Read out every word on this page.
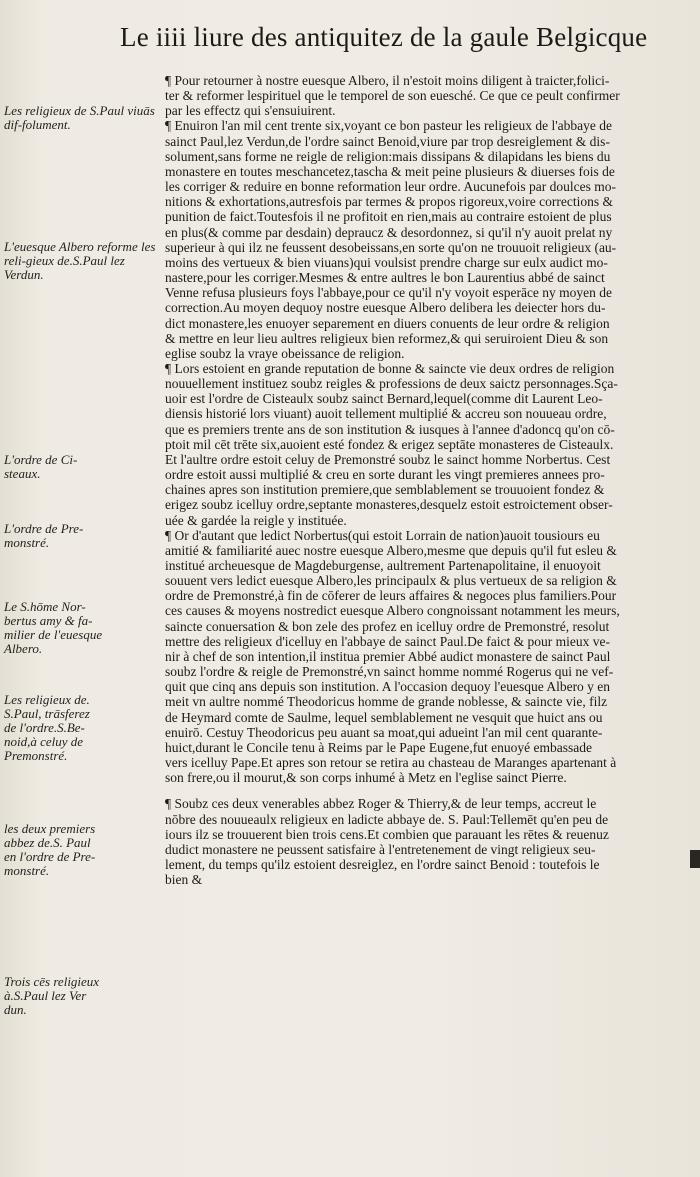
Le iiii liure des antiquitez de la gaule Belgicque
Les religieux de S.Paul viuās dif-folument.
L'euesque Albero reforme les reli-gieux de.S.Paul lez Verdun.
L'ordre de Ci-steaux.
L'ordre de Pre-monstré.
Le S.hōme Nor-bertus amy & fa-milier de l'euesque Albero.
Les religieux de. S.Paul, trāsferez de l'ordre.S.Be-noid,à celuy de Premonstré.
les deux premiers abbez de.S. Paul en l'ordre de Pre-monstré.
Trois cēs religieux à.S.Paul lez Ver dun.

¶ Pour retourner à nostre euesque Albero, il n'estoit moins diligent à traicter,folici-

ter & reformer lespirituel que le temporel de son euesché. Ce que ce peult confirmer

par les effectz qui s'ensuiuirent.

¶ Enuiron l'an mil cent trente six,voyant ce bon pasteur les religieux de l'abbaye de

sainct Paul,lez Verdun,de l'ordre sainct Benoid,viure par trop desreiglement & dis-

solument,sans forme ne reigle de religion:mais dissipans & dilapidans les biens du

monastere en toutes meschancetez,tascha & meit peine plusieurs & diuerses fois de

les corriger & reduire en bonne reformation leur ordre. Aucunefois par doulces mo-

nitions & exhortations,autresfois par termes & propos rigoreux,voire corrections &

punition de faict.Toutesfois il ne profitoit en rien,mais au contraire estoient de plus

en plus(& comme par desdain) depraucz & desordonnez, si qu'il n'y auoit prelat ny

superieur à qui ilz ne feussent desobeissans,en sorte qu'on ne trouuoit religieux (au-

moins des vertueux & bien viuans)qui voulsist prendre charge sur eulx audict mo-

nastere,pour les corriger.Mesmes & entre aultres le bon Laurentius abbé de sainct

Venne refusa plusieurs foys l'abbaye,pour ce qu'il n'y voyoit esperāce ny moyen de

correction.Au moyen dequoy nostre euesque Albero delibera les deiecter hors du-

dict monastere,les enuoyer separement en diuers conuents de leur ordre & religion

& mettre en leur lieu aultres religieux bien reformez,& qui seruiroient Dieu & son

eglise soubz la vraye obeissance de religion.

¶ Lors estoient en grande reputation de bonne & saincte vie deux ordres de religion

nouuellement instituez soubz reigles & professions de deux saictz personnages.Sça-

uoir est l'ordre de Cisteaulx soubz sainct Bernard,lequel(comme dit Laurent Leo-

diensis historié lors viuant) auoit tellement multiplié & accreu son nouueau ordre,

que es premiers trente ans de son institution & iusques à l'annee d'adoncq qu'on cō-

ptoit mil cēt trēte six,auoient esté fondez & erigez septāte monasteres de Cisteaulx.

Et l'aultre ordre estoit celuy de Premonstré soubz le sainct homme Norbertus. Cest

ordre estoit aussi multiplié & creu en sorte durant les vingt premieres annees pro-

chaines apres son institution premiere,que semblablement se trouuoient fondez &

erigez soubz icelluy ordre,septante monasteres,desquelz estoit estroictement obser-

uée & gardée la reigle y instituée.

¶ Or d'autant que ledict Norbertus(qui estoit Lorrain de nation)auoit tousiours eu

amitié & familiarité auec nostre euesque Albero,mesme que depuis qu'il fut esleu &

institué archeuesque de Magdeburgense, aultrement Partenapolitaine, il enuoyoit

souuent vers ledict euesque Albero,les principaulx & plus vertueux de sa religion &

ordre de Premonstré,à fin de cōferer de leurs affaires & negoces plus familiers.Pour

ces causes & moyens nostredict euesque Albero congnoissant notamment les meurs,

saincte conuersation & bon zele des profez en icelluy ordre de Premonstré, resolut

mettre des religieux d'icelluy en l'abbaye de sainct Paul.De faict & pour mieux ve-

nir à chef de son intention,il institua premier Abbé audict monastere de sainct Paul

soubz l'ordre & reigle de Premonstré,vn sainct homme nommé Rogerus qui ne vef-

quit que cinq ans depuis son institution. A l'occasion dequoy l'euesque Albero y en

meit vn aultre nommé Theodoricus homme de grande noblesse, & saincte vie, filz

de Heymard comte de Saulme, lequel semblablement ne vesquit que huict ans ou

enuirō. Cestuy Theodoricus peu auant sa moat,qui adueint l'an mil cent quarante-

huict,durant le Concile tenu à Reims par le Pape Eugene,fut enuoyé embassade

vers icelluy Pape.Et apres son retour se retira au chasteau de Maranges apartenant à

son frere,ou il mourut,& son corps inhumé à Metz en l'eglise sainct Pierre.

¶ Soubz ces deux venerables abbez Roger & Thierry,& de leur temps, accreut le

nōbre des nouueaulx religieux en ladicte abbaye de. S. Paul:Tellemēt qu'en peu de

iours ilz se trouuerent bien trois cens.Et combien que parauant les rētes & reuenuz

dudict monastere ne peussent satisfaire à l'entretenement de vingt religieux seu-

lement, du temps qu'ilz estoient desreiglez, en l'ordre sainct Benoid : toutefois le

bien &
